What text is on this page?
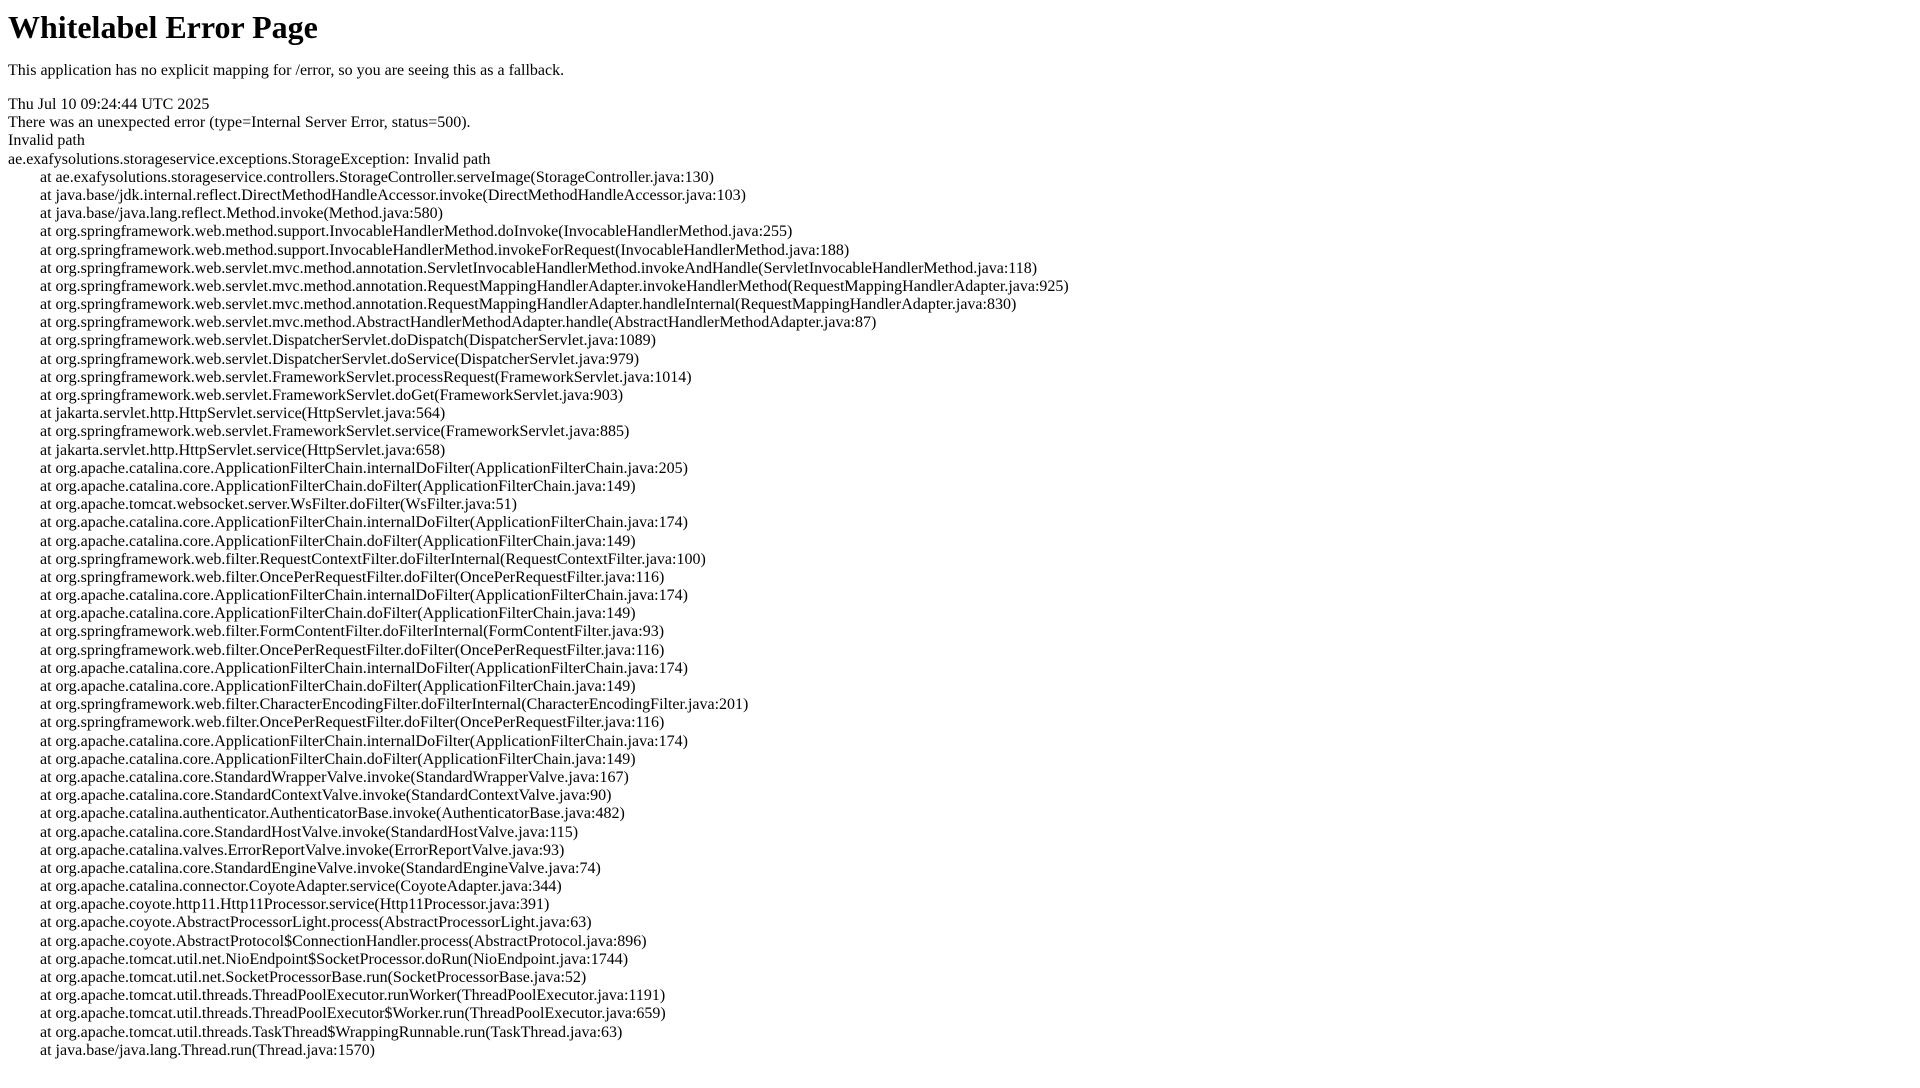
Whitelabel Error Page

This application has no explicit mapping for /error, so you are seeing this as a fallback.

Thu Jul 10 09:24:44 UTC 2025
There was an unexpected error (type=Internal Server Error, status=500).
Invalid path
ae.exafysolutions.storageservice.exceptions.StorageException: Invalid path
at ae.exafysolutions.storageservice.controllers.StorageController.serveImage(StorageController.java:130)
at java.base/jdk.internal.reflect.DirectMethodHandleAccessor.invoke(DirectMethodHandleAccessor.java:103)
at java.base/java.lang.reflect.Method.invoke(Method.java:580)
at org.springframework.web.method.support.InvocableHandlerMethod.doInvoke(InvocableHandlerMethod.java:255)
at org.springframework.web.method.support.InvocableHandlerMethod.invokeForRequest(InvocableHandlerMethod.java:188)
at org.springframework.web.servlet.mvc.method.annotation.ServletInvocableHandlerMethod.invokeAndHandle(ServletInvocableHandlerMethod.java:118)
at org.springframework.web.servlet.mvc.method.annotation.RequestMappingHandlerAdapter.invokeHandlerMethod(RequestMappingHandlerAdapter.java:925)
at org.springframework.web.servlet.mvc.method.annotation.RequestMappingHandlerAdapter.handleInternal(RequestMappingHandlerAdapter.java:830)
at org.springframework.web.servlet.mvc.method.AbstractHandlerMethodAdapter.handle(AbstractHandlerMethodAdapter.java:87)
at org.springframework.web.servlet.DispatcherServlet.doDispatch(DispatcherServlet.java:1089)
at org.springframework.web.servlet.DispatcherServlet.doService(DispatcherServlet.java:979)
at org.springframework.web.servlet.FrameworkServlet.processRequest(FrameworkServlet.java:1014)
at org.springframework.web.servlet.FrameworkServlet.doGet(FrameworkServlet.java:903)
at jakarta.servlet.http.HttpServlet.service(HttpServlet.java:564)
at org.springframework.web.servlet.FrameworkServlet.service(FrameworkServlet.java:885)
at jakarta.servlet.http.HttpServlet.service(HttpServlet.java:658)
at org.apache.catalina.core.ApplicationFilterChain.internalDoFilter(ApplicationFilterChain.java:205)
at org.apache.catalina.core.ApplicationFilterChain.doFilter(ApplicationFilterChain.java:149)
at org.apache.tomcat.websocket.server.WsFilter.doFilter(WsFilter.java:51)
at org.apache.catalina.core.ApplicationFilterChain.internalDoFilter(ApplicationFilterChain.java:174)
at org.apache.catalina.core.ApplicationFilterChain.doFilter(ApplicationFilterChain.java:149)
at org.springframework.web.filter.RequestContextFilter.doFilterInternal(RequestContextFilter.java:100)
at org.springframework.web.filter.OncePerRequestFilter.doFilter(OncePerRequestFilter.java:116)
at org.apache.catalina.core.ApplicationFilterChain.internalDoFilter(ApplicationFilterChain.java:174)
at org.apache.catalina.core.ApplicationFilterChain.doFilter(ApplicationFilterChain.java:149)
at org.springframework.web.filter.FormContentFilter.doFilterInternal(FormContentFilter.java:93)
at org.springframework.web.filter.OncePerRequestFilter.doFilter(OncePerRequestFilter.java:116)
at org.apache.catalina.core.ApplicationFilterChain.internalDoFilter(ApplicationFilterChain.java:174)
at org.apache.catalina.core.ApplicationFilterChain.doFilter(ApplicationFilterChain.java:149)
at org.springframework.web.filter.CharacterEncodingFilter.doFilterInternal(CharacterEncodingFilter.java:201)
at org.springframework.web.filter.OncePerRequestFilter.doFilter(OncePerRequestFilter.java:116)
at org.apache.catalina.core.ApplicationFilterChain.internalDoFilter(ApplicationFilterChain.java:174)
at org.apache.catalina.core.ApplicationFilterChain.doFilter(ApplicationFilterChain.java:149)
at org.apache.catalina.core.StandardWrapperValve.invoke(StandardWrapperValve.java:167)
at org.apache.catalina.core.StandardContextValve.invoke(StandardContextValve.java:90)
at org.apache.catalina.authenticator.AuthenticatorBase.invoke(AuthenticatorBase.java:482)
at org.apache.catalina.core.StandardHostValve.invoke(StandardHostValve.java:115)
at org.apache.catalina.valves.ErrorReportValve.invoke(ErrorReportValve.java:93)
at org.apache.catalina.core.StandardEngineValve.invoke(StandardEngineValve.java:74)
at org.apache.catalina.connector.CoyoteAdapter.service(CoyoteAdapter.java:344)
at org.apache.coyote.http11.Http11Processor.service(Http11Processor.java:391)
at org.apache.coyote.AbstractProcessorLight.process(AbstractProcessorLight.java:63)
at org.apache.coyote.AbstractProtocol$ConnectionHandler.process(AbstractProtocol.java:896)
at org.apache.tomcat.util.net.NioEndpoint$SocketProcessor.doRun(NioEndpoint.java:1744)
at org.apache.tomcat.util.net.SocketProcessorBase.run(SocketProcessorBase.java:52)
at org.apache.tomcat.util.threads.ThreadPoolExecutor.runWorker(ThreadPoolExecutor.java:1191)
at org.apache.tomcat.util.threads.ThreadPoolExecutor$Worker.run(ThreadPoolExecutor.java:659)
at org.apache.tomcat.util.threads.TaskThread$WrappingRunnable.run(TaskThread.java:63)
at java.base/java.lang.Thread.run(Thread.java:1570)
